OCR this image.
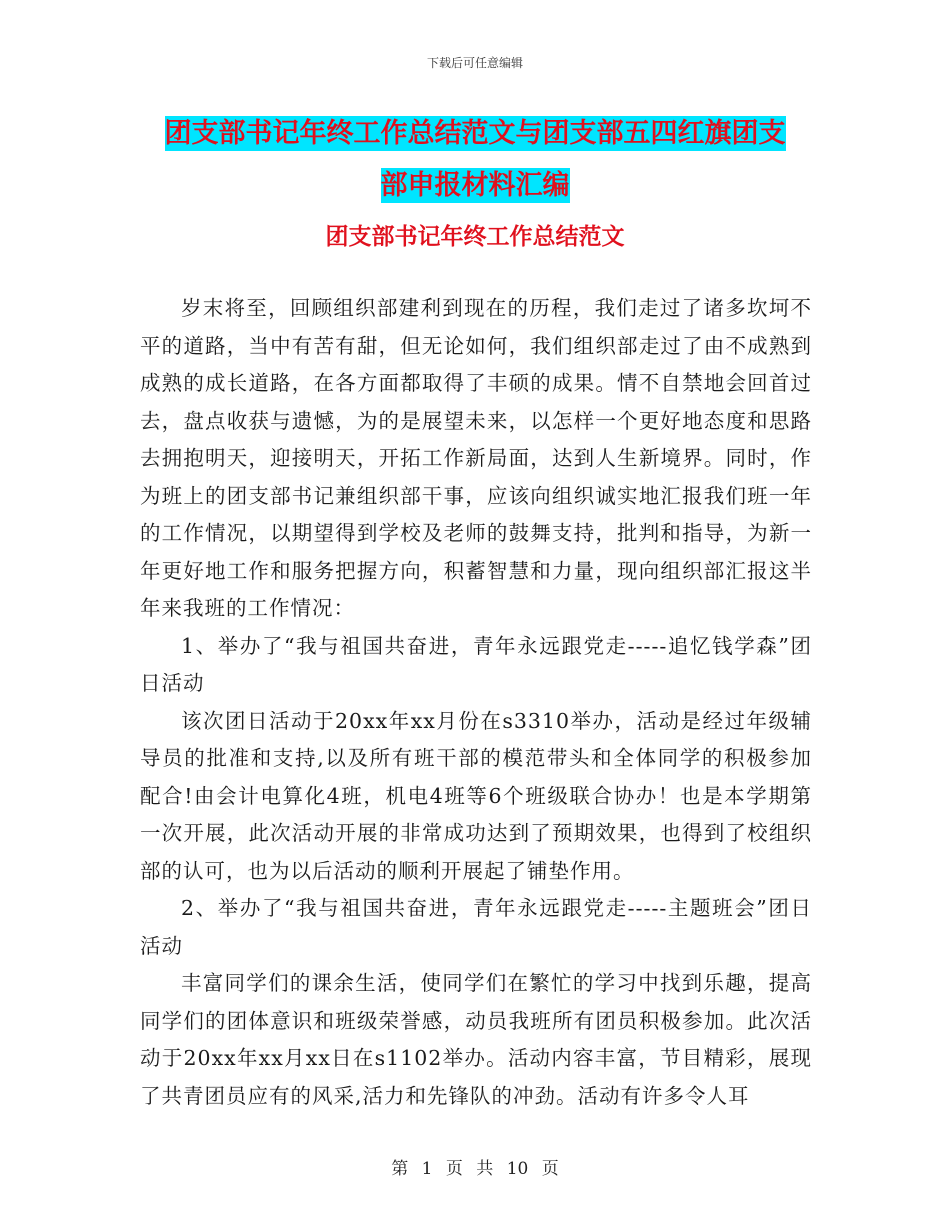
下载后可任意编辑
团支部书记年终工作总结范文与团支部五四红旗团支
部申报材料汇编
团支部书记年终工作总结范文

岁末将至，回顾组织部建利到现在的历程，我们走过了诸多坎坷不平的道路，当中有苦有甜，但无论如何，我们组织部走过了由不成熟到成熟的成长道路，在各方面都取得了丰硕的成果。情不自禁地会回首过去，盘点收获与遗憾，为的是展望未来，以怎样一个更好地态度和思路去拥抱明天，迎接明天，开拓工作新局面，达到人生新境界。同时，作为班上的团支部书记兼组织部干事，应该向组织诚实地汇报我们班一年的工作情况，以期望得到学校及老师的鼓舞支持，批判和指导，为新一年更好地工作和服务把握方向，积蓄智慧和力量，现向组织部汇报这半年来我班的工作情况：

1、举办了“我与祖国共奋进，青年永远跟党走-----追忆钱学森”团日活动

该次团日活动于20xx年xx月份在s3310举办，活动是经过年级辅导员的批准和支持,以及所有班干部的模范带头和全体同学的积极参加配合!由会计电算化4班，机电4班等6个班级联合协办！也是本学期第一次开展，此次活动开展的非常成功达到了预期效果，也得到了校组织部的认可，也为以后活动的顺利开展起了铺垫作用。

2、举办了“我与祖国共奋进，青年永远跟党走-----主题班会”团日活动

丰富同学们的课余生活，使同学们在繁忙的学习中找到乐趣，提高同学们的团体意识和班级荣誉感，动员我班所有团员积极参加。此次活动于20xx年xx月xx日在s1102举办。活动内容丰富，节目精彩，展现了共青团员应有的风采,活力和先锋队的冲劲。活动有许多令人耳

第 1 页 共 10 页
